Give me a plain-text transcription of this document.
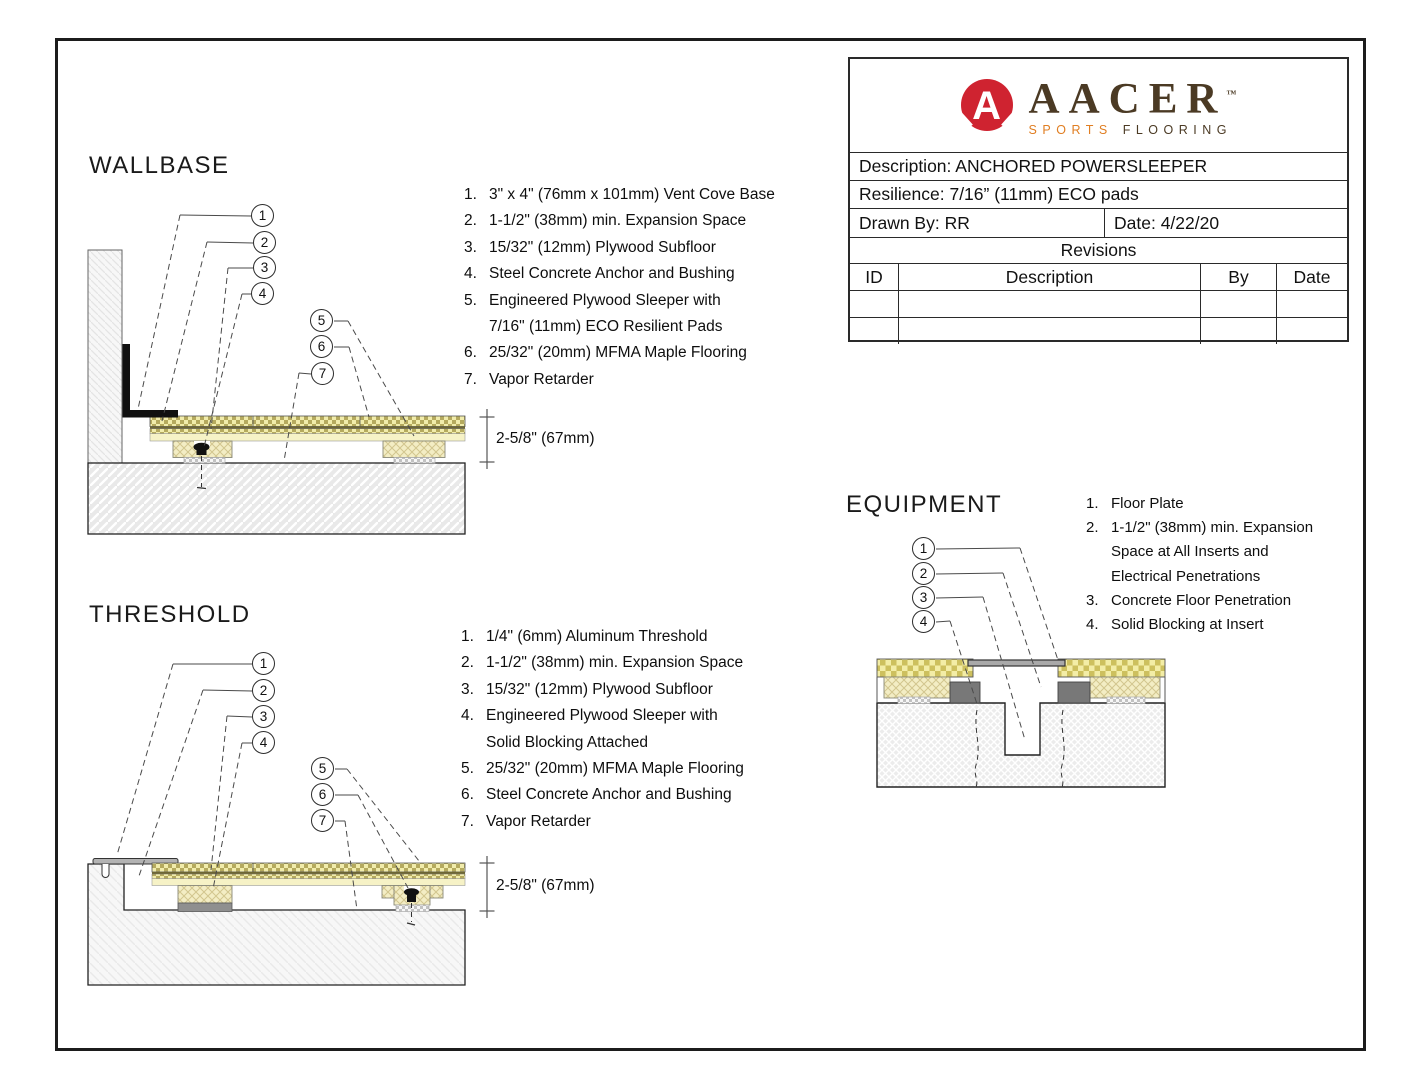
WALLBASE
1. 3" x 4" (76mm x 101mm) Vent Cove Base
2. 1-1/2" (38mm) min. Expansion Space
3. 15/32" (12mm) Plywood Subfloor
4. Steel Concrete Anchor and Bushing
5. Engineered Plywood Sleeper with
7/16" (11mm) ECO Resilient Pads
6. 25/32" (20mm) MFMA Maple Flooring
7. Vapor Retarder
2-5/8" (67mm)
1
2
3
4
5
6
7
THRESHOLD
1. 1/4" (6mm) Aluminum Threshold
2. 1-1/2" (38mm) min. Expansion Space
3. 15/32" (12mm) Plywood Subfloor
4. Engineered Plywood Sleeper with
Solid Blocking Attached
5. 25/32" (20mm) MFMA Maple Flooring
6. Steel Concrete Anchor and Bushing
7. Vapor Retarder
2-5/8" (67mm)
1
2
3
4
5
6
7
EQUIPMENT	1. Floor Plate
2. 1-1/2" (38mm) min. Expansion
Space at All Inserts and
Electrical Penetrations
3. Concrete Floor Penetration
4. Solid Blocking at Insert
1
2
3
4
A AACER™
SPORTS FLOORING
Description: ANCHORED POWERSLEEPER
Resilience: 7/16” (11mm) ECO pads
Drawn By: RR	Date: 4/22/20
Revisions
ID	Description	By	Date
